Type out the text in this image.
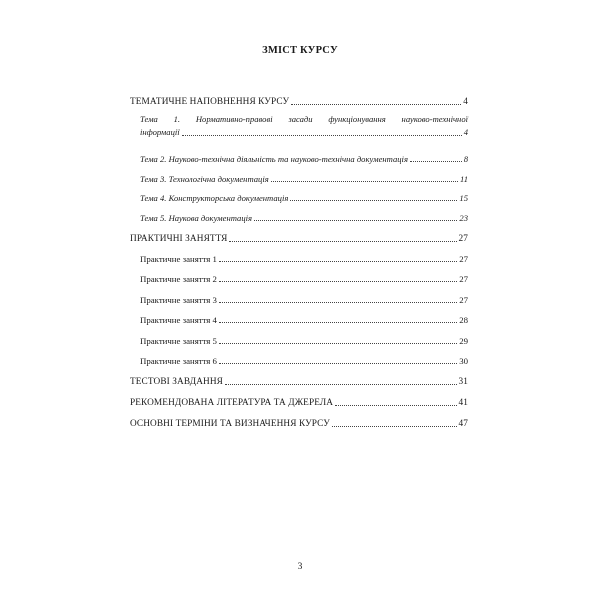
ЗМІСТ КУРСУ
ТЕМАТИЧНЕ НАПОВНЕННЯ КУРСУ	4
Тема 1. Нормативно-правові засади функціонування науково-технічної
інформації	4
Тема 2. Науково-технічна діяльність та науково-технічна документація	8
Тема 3. Технологічна документація	11
Тема 4. Конструкторська документація	15
Тема 5. Наукова документація	23
ПРАКТИЧНІ ЗАНЯТТЯ	27
Практичне заняття 1	27
Практичне заняття 2	27
Практичне заняття 3	27
Практичне заняття 4	28
Практичне заняття 5	29
Практичне заняття 6	30
ТЕСТОВІ ЗАВДАННЯ	31
РЕКОМЕНДОВАНА ЛІТЕРАТУРА ТА ДЖЕРЕЛА	41
ОСНОВНІ ТЕРМІНИ ТА ВИЗНАЧЕННЯ КУРСУ	47
3
